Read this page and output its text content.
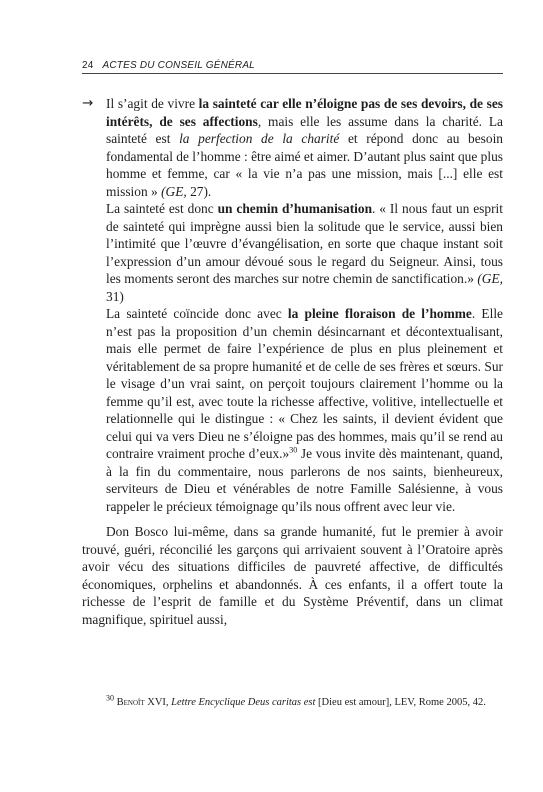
24 ACTES DU CONSEIL GÉNÉRAL
→ Il s’agit de vivre la sainteté car elle n’éloigne pas de ses devoirs, de ses intérêts, de ses affections, mais elle les assume dans la charité. La sainteté est la perfection de la charité et répond donc au besoin fondamental de l’homme : être aimé et aimer. D’autant plus saint que plus homme et femme, car « la vie n’a pas une mission, mais [...] elle est mission » (GE, 27).

La sainteté est donc un chemin d’humanisation. « Il nous faut un esprit de sainteté qui imprègne aussi bien la solitude que le service, aussi bien l’intimité que l’œuvre d’évangélisation, en sorte que chaque instant soit l’expression d’un amour dévoué sous le regard du Seigneur. Ainsi, tous les moments seront des marches sur notre chemin de sanctification.» (GE, 31)

La sainteté coïncide donc avec la pleine floraison de l’homme. Elle n’est pas la proposition d’un chemin désincarnant et décontextualisant, mais elle permet de faire l’expérience de plus en plus pleinement et véritablement de sa propre humanité et de celle de ses frères et sœurs. Sur le visage d’un vrai saint, on perçoit toujours clairement l’homme ou la femme qu’il est, avec toute la richesse affective, volitive, intellectuelle et relationnelle qui le distingue : « Chez les saints, il devient évident que celui qui va vers Dieu ne s’éloigne pas des hommes, mais qu’il se rend au contraire vraiment proche d’eux.»$^{30}$ Je vous invite dès maintenant, quand, à la fin du commentaire, nous parlerons de nos saints, bienheureux, serviteurs de Dieu et vénérables de notre Famille Salésienne, à vous rappeler le précieux témoignage qu’ils nous offrent avec leur vie.

Don Bosco lui-même, dans sa grande humanité, fut le premier à avoir trouvé, guéri, réconcilié les garçons qui arrivaient souvent à l’Oratoire après avoir vécu des situations difficiles de pauvreté affective, de difficultés économiques, orphelins et abandonnés. À ces enfants, il a offert toute la richesse de l’esprit de famille et du Système Préventif, dans un climat magnifique, spirituel aussi,

$^{30}$ Benoît XVI, Lettre Encyclique Deus caritas est [Dieu est amour], LEV, Rome 2005, 42.
